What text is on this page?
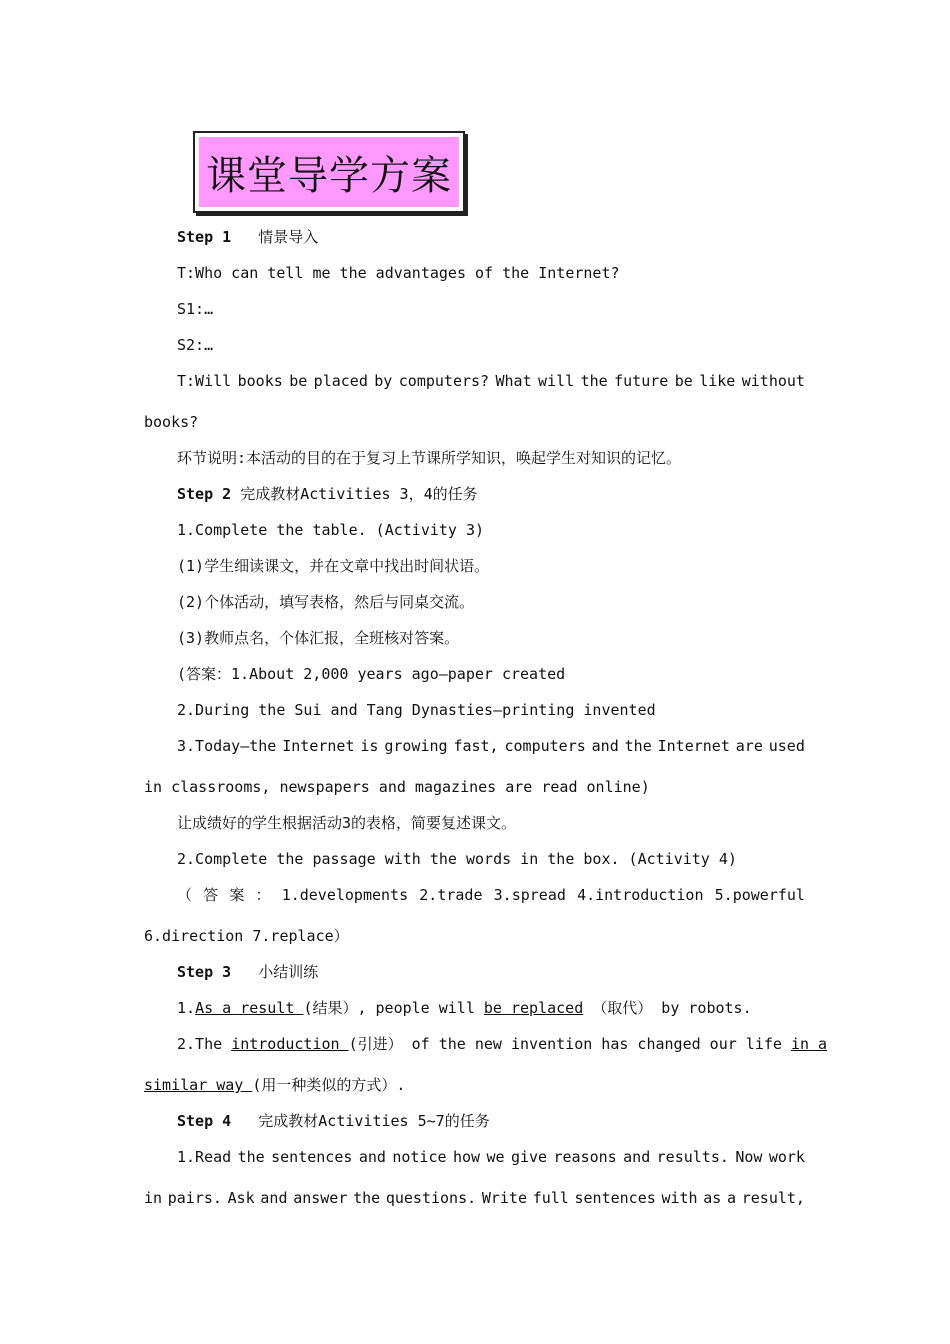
课堂导学方案
Step 1 情景导入
T:Who can tell me the advantages of the Internet?
S1:…
S2:…
T:Will books be placed by computers? What will the future be like without
books?
环节说明:本活动的目的在于复习上节课所学知识，唤起学生对知识的记忆。
Step 2 完成教材Activities 3，4的任务
1.Complete the table. (Activity 3)
(1)学生细读课文，并在文章中找出时间状语。
(2)个体活动，填写表格，然后与同桌交流。
(3)教师点名，个体汇报，全班核对答案。
(答案：1.About 2,000 years ago—paper created
2.During the Sui and Tang Dynasties—printing invented
3.Today—the Internet is growing fast, computers and the Internet are used
in classrooms, newspapers and magazines are read online)
让成绩好的学生根据活动3的表格，简要复述课文。
2.Complete the passage with the words in the box. (Activity 4)
（ 答 案 ： 1.developments 2.trade 3.spread 4.introduction 5.powerful
6.direction 7.replace）
Step 3 小结训练
1.As a result (结果）, people will be replaced （取代） by robots.
2.The introduction (引进） of the new invention has changed our life in a
similar way (用一种类似的方式）.
Step 4 完成教材Activities 5~7的任务
1.Read the sentences and notice how we give reasons and results. Now work
in pairs. Ask and answer the questions. Write full sentences with as a result,
